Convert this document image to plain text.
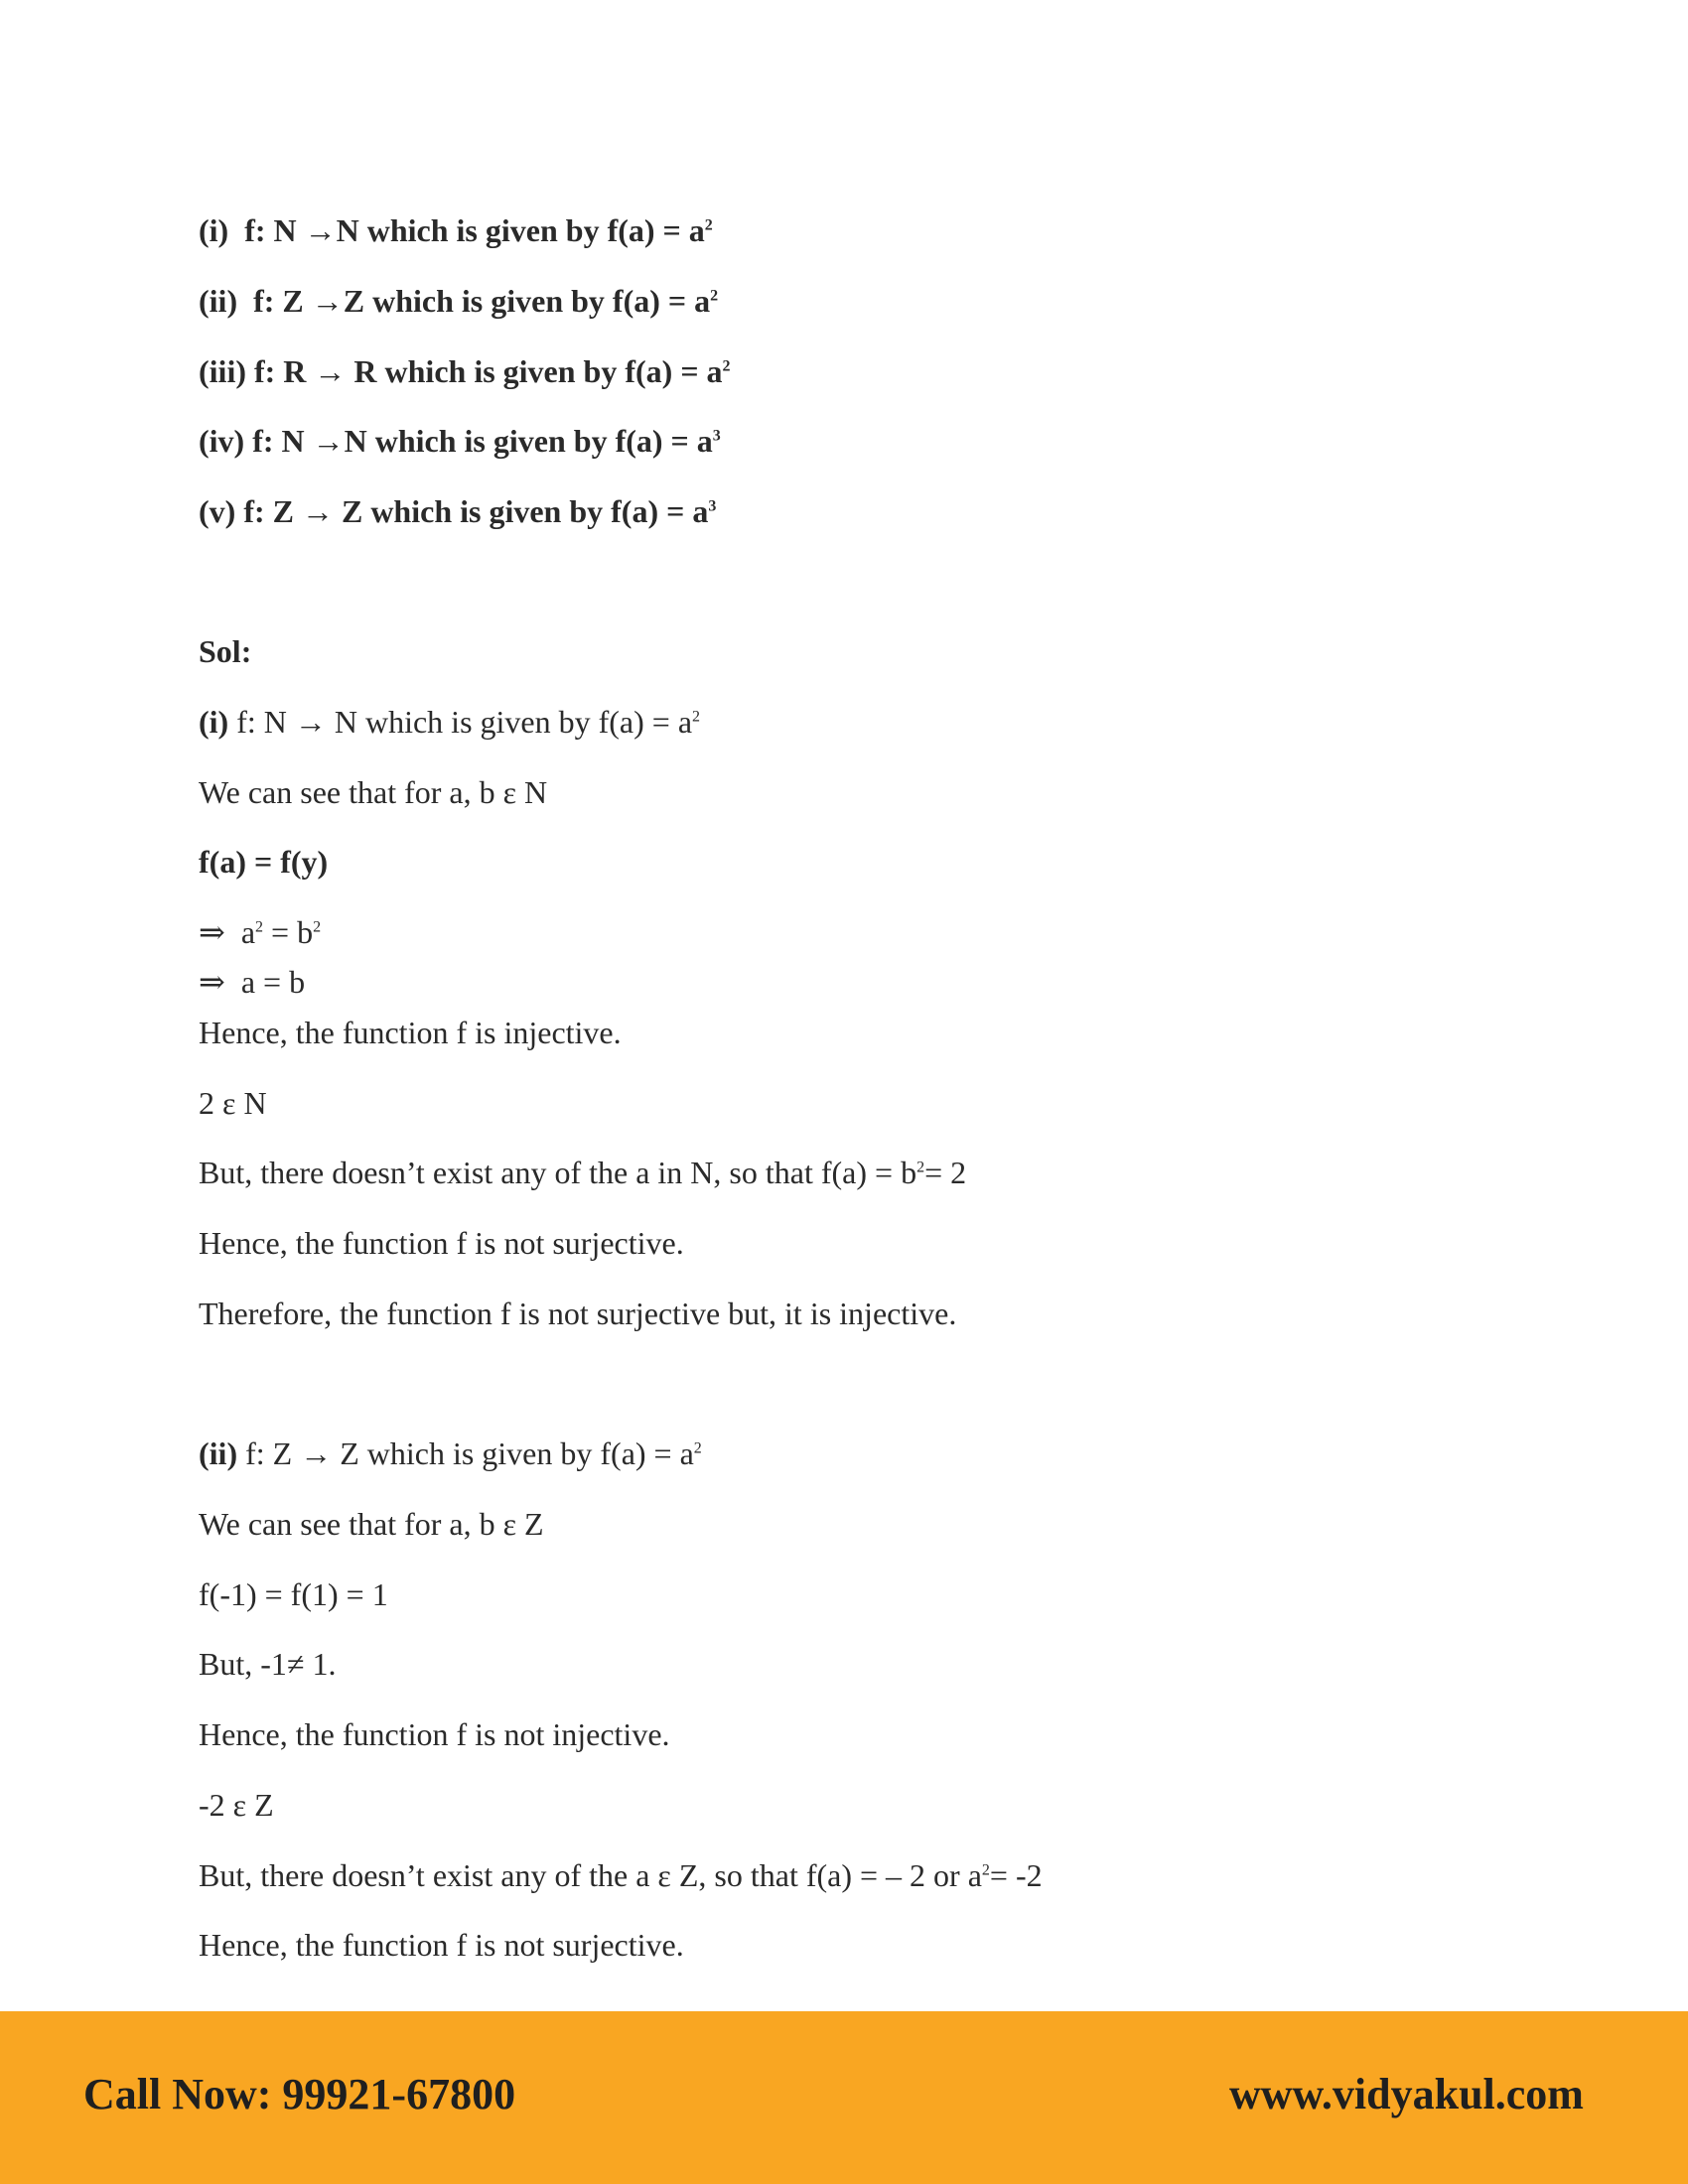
(i) f: N →N which is given by $f(a) = a^2$
(ii) f: Z →Z which is given by $f(a) = a^2$
(iii) f: R → R which is given by $f(a) = a^2$
(iv) f: N →N which is given by $f(a) = a^3$
(v) f: Z → Z which is given by $f(a) = a^3$
Sol:
(i) f: N → N which is given by $f(a) = a^2$
We can see that for a, b ε N
f(a) = f(y)
⇒ $a^2 = b^2$
⇒ a = b
Hence, the function f is injective.
2 ε N
But, there doesn’t exist any of the a in N, so that $f(a) = b^2= 2$
Hence, the function f is not surjective.
Therefore, the function f is not surjective but, it is injective.
(ii) f: Z → Z which is given by $f(a) = a^2$
We can see that for a, b ε Z
f(-1) = f(1) = 1
But, -1≠ 1.
Hence, the function f is not injective.
-2 ε Z
But, there doesn’t exist any of the a ε Z, so that f(a) = – 2 or $a^2= -2$
Hence, the function f is not surjective.
Call Now: 99921-67800	www.vidyakul.com
